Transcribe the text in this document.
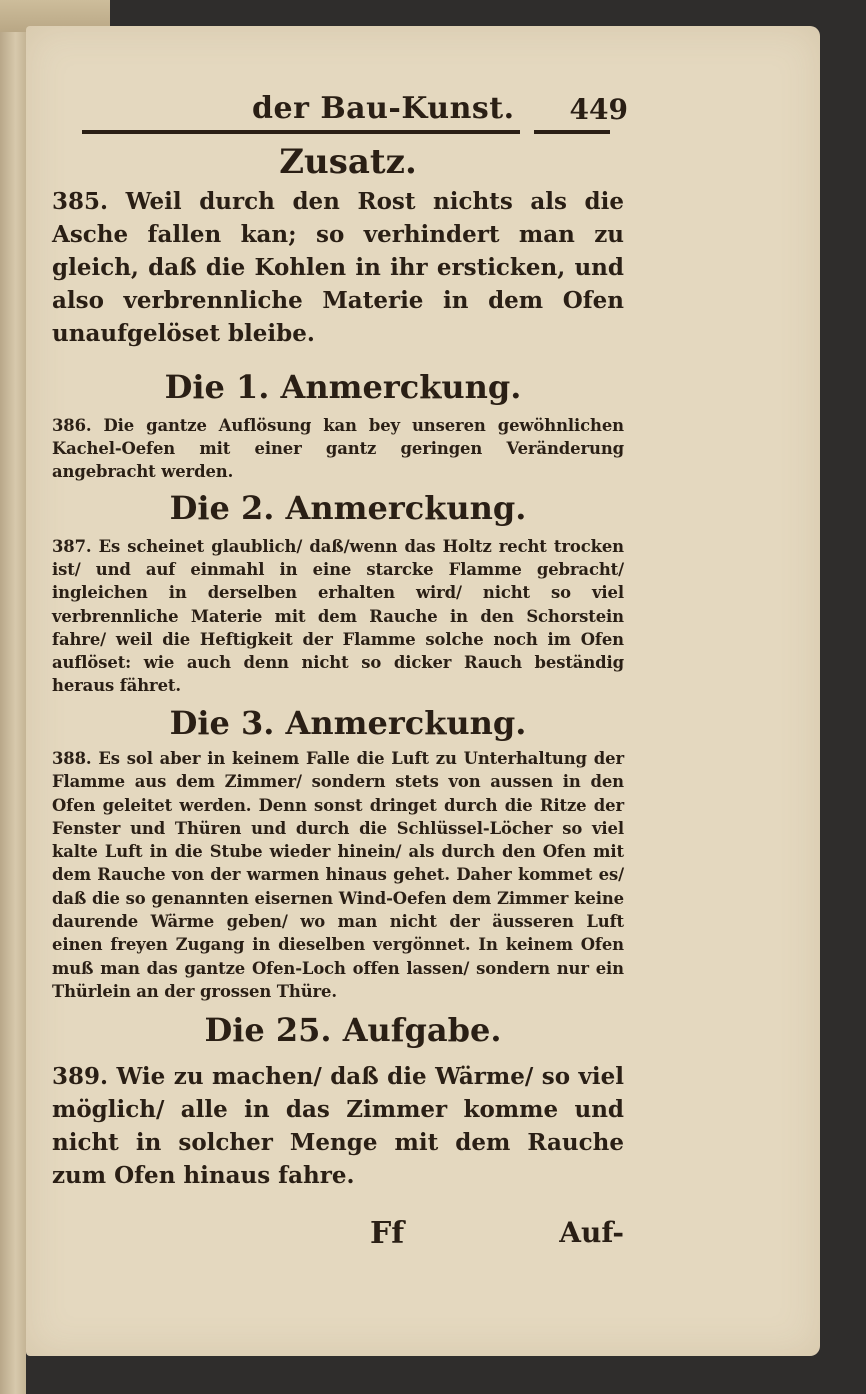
der Bau-Kunst. 449
Zusatz.

385. Weil durch den Rost nichts als die Asche fallen kan; so verhindert man zu gleich, daß die Kohlen in ihr ersticken, und also verbrennliche Materie in dem Ofen unaufgelöset bleibe.

Die 1. Anmerckung.

386. Die gantze Auflösung kan bey unseren gewöhnlichen Kachel-Oefen mit einer gantz geringen Veränderung angebracht werden.

Die 2. Anmerckung.

387. Es scheinet glaublich/ daß/wenn das Holtz recht trocken ist/ und auf einmahl in eine starcke Flamme gebracht/ ingleichen in derselben erhalten wird/ nicht so viel verbrennliche Materie mit dem Rauche in den Schorstein fahre/ weil die Heftigkeit der Flamme solche noch im Ofen auflöset: wie auch denn nicht so dicker Rauch beständig heraus fähret.

Die 3. Anmerckung.

388. Es sol aber in keinem Falle die Luft zu Unterhaltung der Flamme aus dem Zimmer/ sondern stets von aussen in den Ofen geleitet werden. Denn sonst dringet durch die Ritze der Fenster und Thüren und durch die Schlüssel-Löcher so viel kalte Luft in die Stube wieder hinein/ als durch den Ofen mit dem Rauche von der warmen hinaus gehet. Daher kommet es/ daß die so genannten eisernen Wind-Oefen dem Zimmer keine daurende Wärme geben/ wo man nicht der äusseren Luft einen freyen Zugang in dieselben vergönnet. In keinem Ofen muß man das gantze Ofen-Loch offen lassen/ sondern nur ein Thürlein an der grossen Thüre.

Die 25. Aufgabe.

389. Wie zu machen/ daß die Wärme/ so viel möglich/ alle in das Zimmer komme und nicht in solcher Menge mit dem Rauche zum Ofen hinaus fahre.

Ff	Auf-
